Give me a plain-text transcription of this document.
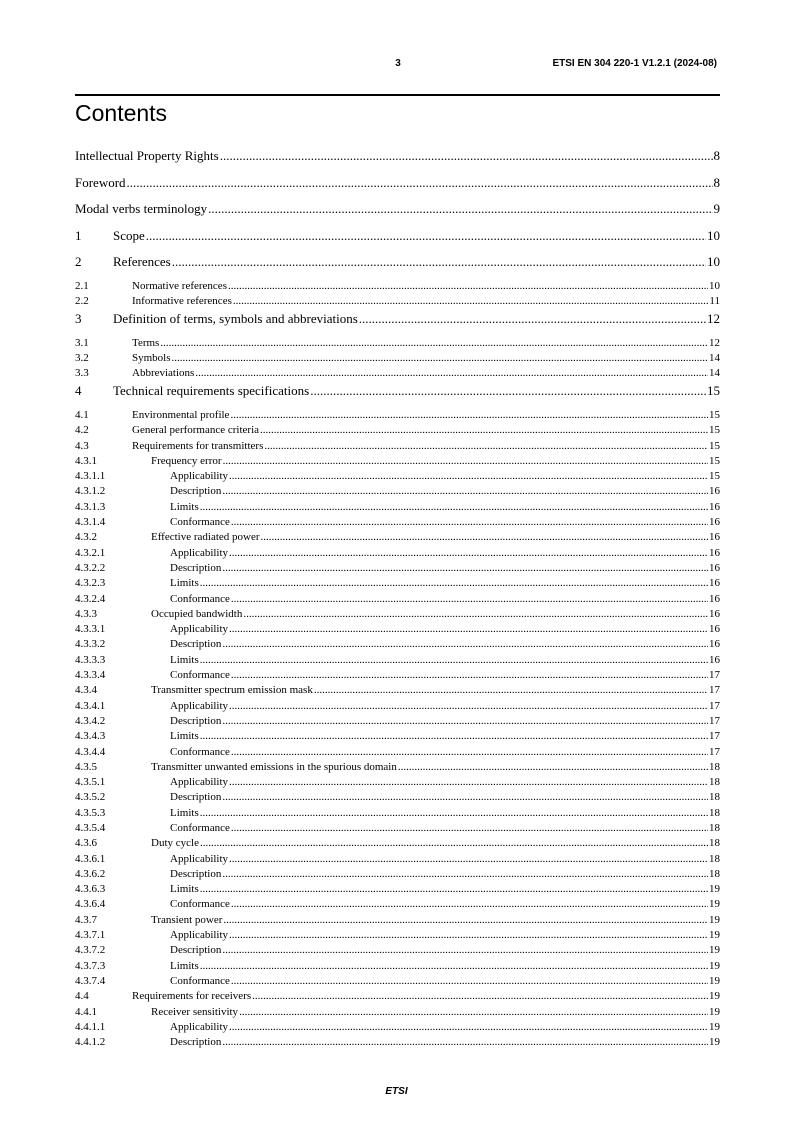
3	ETSI EN 304 220-1 V1.2.1 (2024-08)
Contents
Intellectual Property Rights .....	8
Foreword .....	8
Modal verbs terminology .....	9
1	Scope .....	10
2	References .....	10
2.1	Normative references .....	10
2.2	Informative references .....	11
3	Definition of terms, symbols and abbreviations .....	12
3.1	Terms .....	12
3.2	Symbols .....	14
3.3	Abbreviations .....	14
4	Technical requirements specifications .....	15
4.1	Environmental profile .....	15
4.2	General performance criteria .....	15
4.3	Requirements for transmitters .....	15
4.3.1	Frequency error .....	15
4.3.1.1	Applicability .....	15
4.3.1.2	Description .....	16
4.3.1.3	Limits .....	16
4.3.1.4	Conformance .....	16
4.3.2	Effective radiated power .....	16
4.3.2.1	Applicability .....	16
4.3.2.2	Description .....	16
4.3.2.3	Limits .....	16
4.3.2.4	Conformance .....	16
4.3.3	Occupied bandwidth .....	16
4.3.3.1	Applicability .....	16
4.3.3.2	Description .....	16
4.3.3.3	Limits .....	16
4.3.3.4	Conformance .....	17
4.3.4	Transmitter spectrum emission mask .....	17
4.3.4.1	Applicability .....	17
4.3.4.2	Description .....	17
4.3.4.3	Limits .....	17
4.3.4.4	Conformance .....	17
4.3.5	Transmitter unwanted emissions in the spurious domain .....	18
4.3.5.1	Applicability .....	18
4.3.5.2	Description .....	18
4.3.5.3	Limits .....	18
4.3.5.4	Conformance .....	18
4.3.6	Duty cycle .....	18
4.3.6.1	Applicability .....	18
4.3.6.2	Description .....	18
4.3.6.3	Limits .....	19
4.3.6.4	Conformance .....	19
4.3.7	Transient power .....	19
4.3.7.1	Applicability .....	19
4.3.7.2	Description .....	19
4.3.7.3	Limits .....	19
4.3.7.4	Conformance .....	19
4.4	Requirements for receivers .....	19
4.4.1	Receiver sensitivity .....	19
4.4.1.1	Applicability .....	19
4.4.1.2	Description .....	19
ETSI
